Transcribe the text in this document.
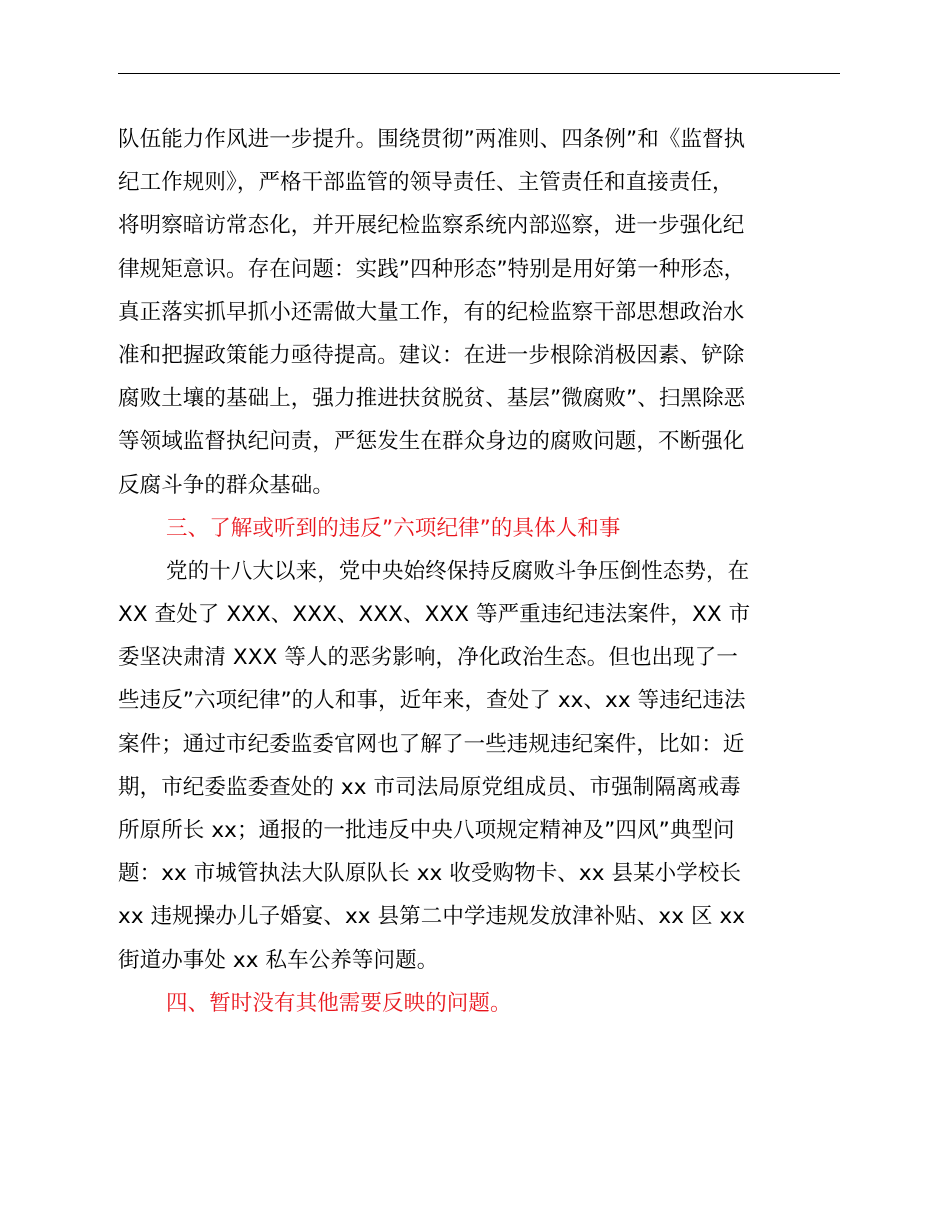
队伍能力作风进一步提升。围绕贯彻”两准则、四条例”和《监督执
纪工作规则》，严格干部监管的领导责任、主管责任和直接责任，
将明察暗访常态化，并开展纪检监察系统内部巡察，进一步强化纪
律规矩意识。存在问题：实践”四种形态”特别是用好第一种形态，
真正落实抓早抓小还需做大量工作，有的纪检监察干部思想政治水
准和把握政策能力亟待提高。建议：在进一步根除消极因素、铲除
腐败土壤的基础上，强力推进扶贫脱贫、基层”微腐败”、扫黑除恶
等领域监督执纪问责，严惩发生在群众身边的腐败问题，不断强化
反腐斗争的群众基础。
三、了解或听到的违反”六项纪律”的具体人和事
党的十八大以来，党中央始终保持反腐败斗争压倒性态势，在
XX 查处了 XXX、XXX、XXX、XXX 等严重违纪违法案件，XX 市
委坚决肃清 XXX 等人的恶劣影响，净化政治生态。但也出现了一
些违反”六项纪律”的人和事，近年来，查处了 xx、xx 等违纪违法
案件；通过市纪委监委官网也了解了一些违规违纪案件，比如：近
期，市纪委监委查处的 xx 市司法局原党组成员、市强制隔离戒毒
所原所长 xx；通报的一批违反中央八项规定精神及”四风”典型问
题：xx 市城管执法大队原队长 xx 收受购物卡、xx 县某小学校长
xx 违规操办儿子婚宴、xx 县第二中学违规发放津补贴、xx 区 xx
街道办事处 xx 私车公养等问题。
四、暂时没有其他需要反映的问题。
